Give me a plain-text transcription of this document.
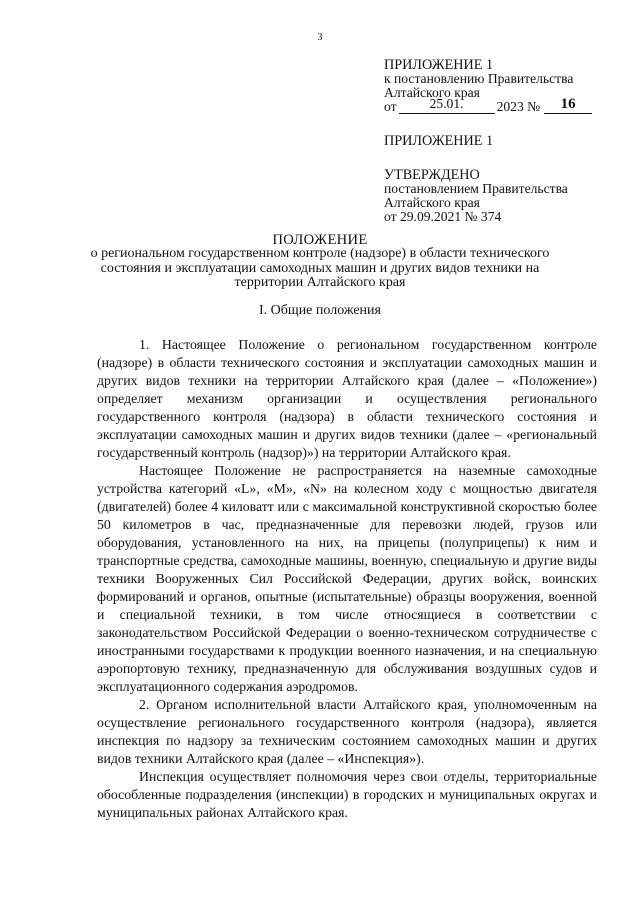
3
ПРИЛОЖЕНИЕ 1
к постановлению Правительства
Алтайского края
от 25.01. 2023 № 16
ПРИЛОЖЕНИЕ 1
УТВЕРЖДЕНО
постановлением Правительства
Алтайского края
от 29.09.2021 № 374
ПОЛОЖЕНИЕ
о региональном государственном контроле (надзоре) в области технического
состояния и эксплуатации самоходных машин и других видов техники на
территории Алтайского края
I. Общие положения

1. Настоящее Положение о региональном государственном контроле (надзоре) в области технического состояния и эксплуатации самоходных машин и других видов техники на территории Алтайского края (далее – «Положение») определяет механизм организации и осуществления регионального государственного контроля (надзора) в области технического состояния и эксплуатации самоходных машин и других видов техники (далее – «региональный государственный контроль (надзор)») на территории Алтайского края.

Настоящее Положение не распространяется на наземные самоходные устройства категорий «L», «M», «N» на колесном ходу с мощностью двигателя (двигателей) более 4 киловатт или с максимальной конструктивной скоростью более 50 километров в час, предназначенные для перевозки людей, грузов или оборудования, установленного на них, на прицепы (полуприцепы) к ним и транспортные средства, самоходные машины, военную, специальную и другие виды техники Вооруженных Сил Российской Федерации, других войск, воинских формирований и органов, опытные (испытательные) образцы вооружения, военной и специальной техники, в том числе относящиеся в соответствии с законодательством Российской Федерации о военно-техническом сотрудничестве с иностранными государствами к продукции военного назначения, и на специальную аэропортовую технику, предназначенную для обслуживания воздушных судов и эксплуатационного содержания аэродромов.

2. Органом исполнительной власти Алтайского края, уполномоченным на осуществление регионального государственного контроля (надзора), является инспекция по надзору за техническим состоянием самоходных машин и других видов техники Алтайского края (далее – «Инспекция»).

Инспекция осуществляет полномочия через свои отделы, территориальные обособленные подразделения (инспекции) в городских и муниципальных округах и муниципальных районах Алтайского края.
